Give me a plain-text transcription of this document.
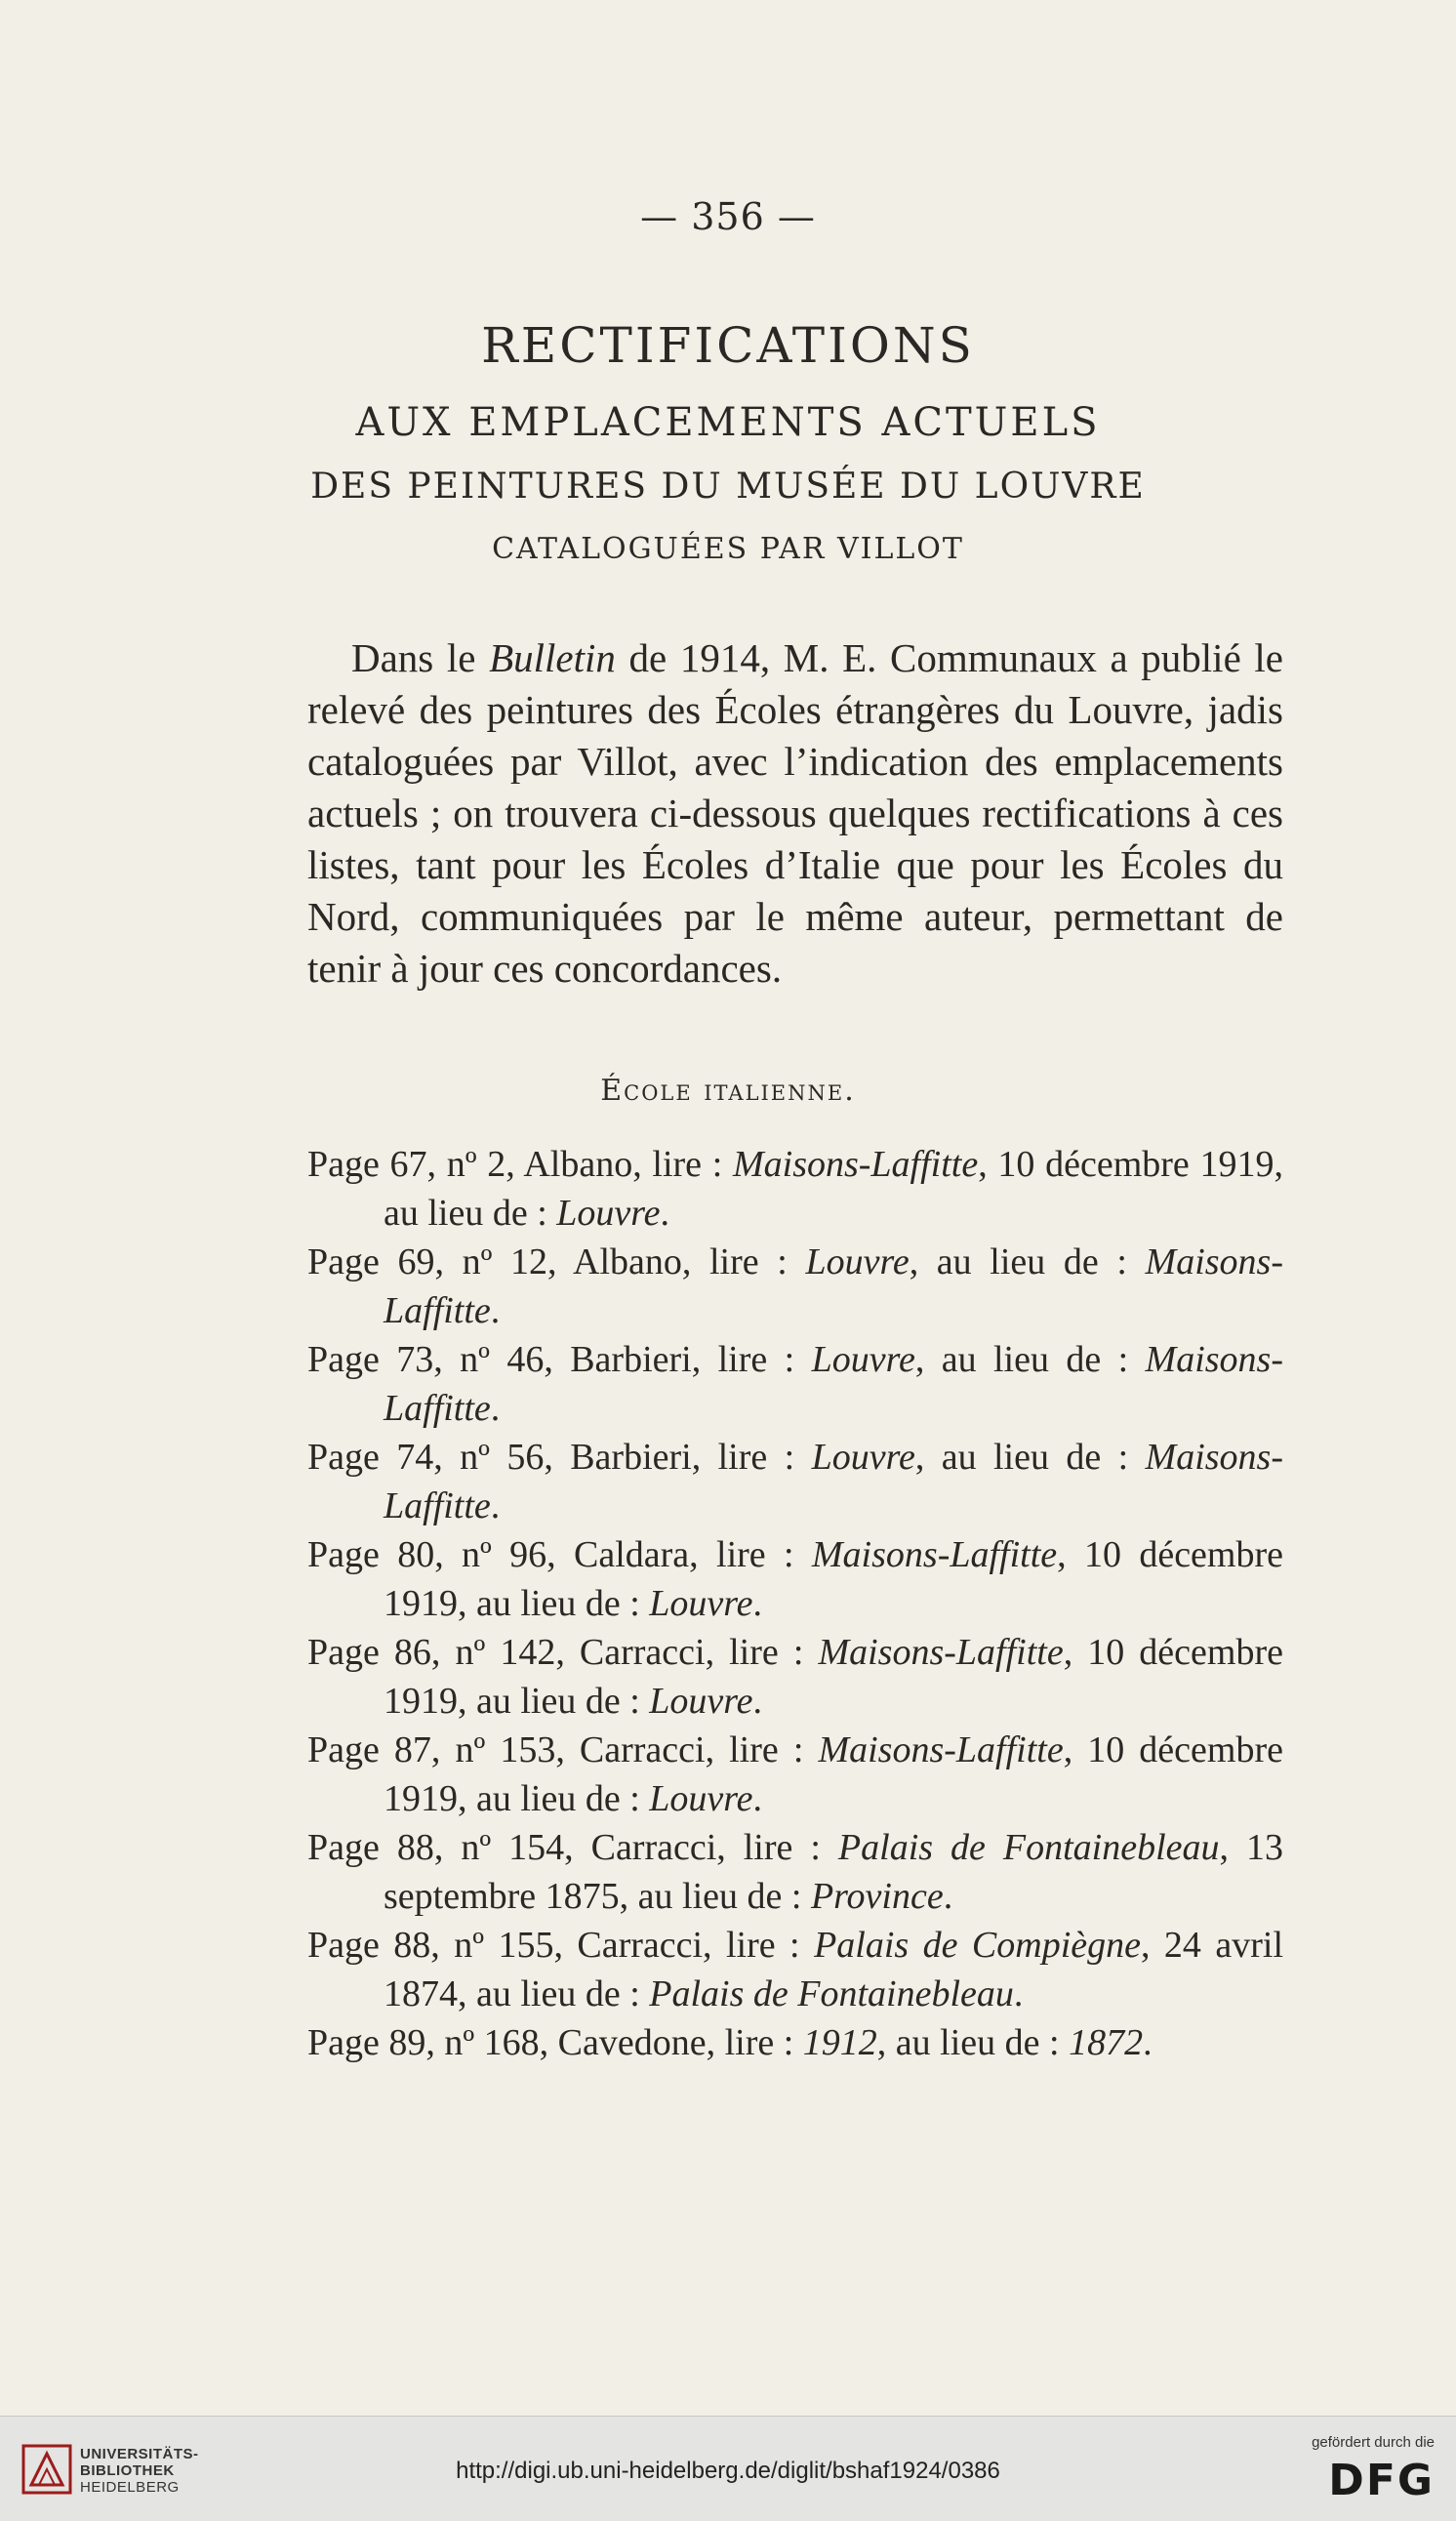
— 356 —
RECTIFICATIONS
AUX EMPLACEMENTS ACTUELS
DES PEINTURES DU MUSÉE DU LOUVRE
CATALOGUÉES PAR VILLOT

Dans le Bulletin de 1914, M. E. Communaux a publié le relevé des peintures des Écoles étrangères du Louvre, jadis cataloguées par Villot, avec l’indication des emplacements actuels ; on trouvera ci-dessous quelques rectifications à ces listes, tant pour les Écoles d’Italie que pour les Écoles du Nord, communiquées par le même auteur, permettant de tenir à jour ces concordances.

École italienne.
Page 67, nº 2, Albano, lire : Maisons-Laffitte, 10 décembre 1919, au lieu de : Louvre.
Page 69, nº 12, Albano, lire : Louvre, au lieu de : Maisons-Laffitte.
Page 73, nº 46, Barbieri, lire : Louvre, au lieu de : Maisons-Laffitte.
Page 74, nº 56, Barbieri, lire : Louvre, au lieu de : Maisons-Laffitte.
Page 80, nº 96, Caldara, lire : Maisons-Laffitte, 10 décembre 1919, au lieu de : Louvre.
Page 86, nº 142, Carracci, lire : Maisons-Laffitte, 10 décembre 1919, au lieu de : Louvre.
Page 87, nº 153, Carracci, lire : Maisons-Laffitte, 10 décembre 1919, au lieu de : Louvre.
Page 88, nº 154, Carracci, lire : Palais de Fontainebleau, 13 septembre 1875, au lieu de : Province.
Page 88, nº 155, Carracci, lire : Palais de Compiègne, 24 avril 1874, au lieu de : Palais de Fontainebleau.
Page 89, nº 168, Cavedone, lire : 1912, au lieu de : 1872.
UNIVERSITÄTS-
BIBLIOTHEK
HEIDELBERG
http://digi.ub.uni-heidelberg.de/diglit/bshaf1924/0386
gefördert durch die
DFG
